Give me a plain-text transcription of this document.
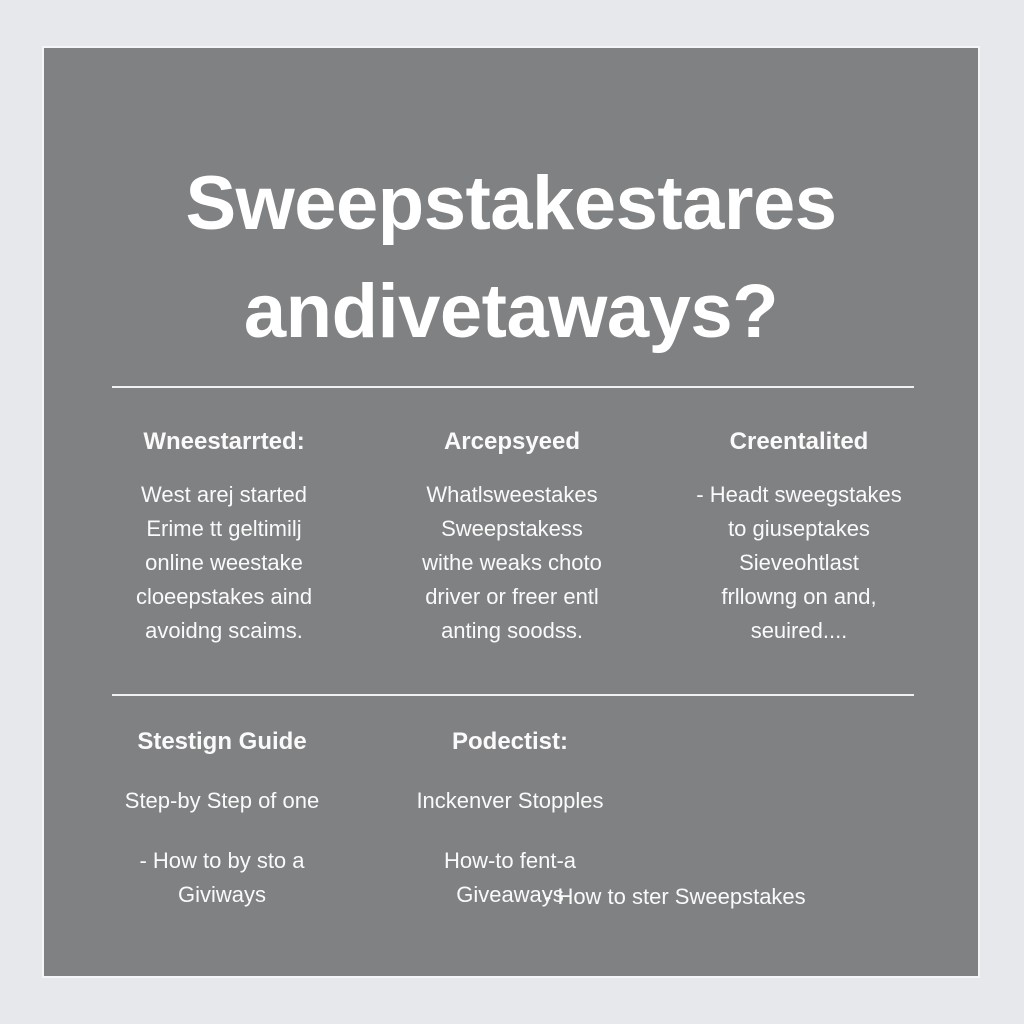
Sweepstakestares
andivetaways?
Wneestarrted:
West arej started
Erime tt geltimilj
online weestake
cloeepstakes aind
avoidng scaims.
Arcepsyeed
Whatlsweestakes
Sweepstakess
withe weaks choto
driver or freer entl
anting soodss.
Creentalited
- Headt sweegstakes
to giuseptakes
Sieveohtlast
frllowng on and,
seuired....
Stestign Guide
Step-by Step of one
- How to by sto a
Giviways
Podectist:
Inckenver Stopples
How-to fent-a
Giveaways
- How to ster Sweepstakes
